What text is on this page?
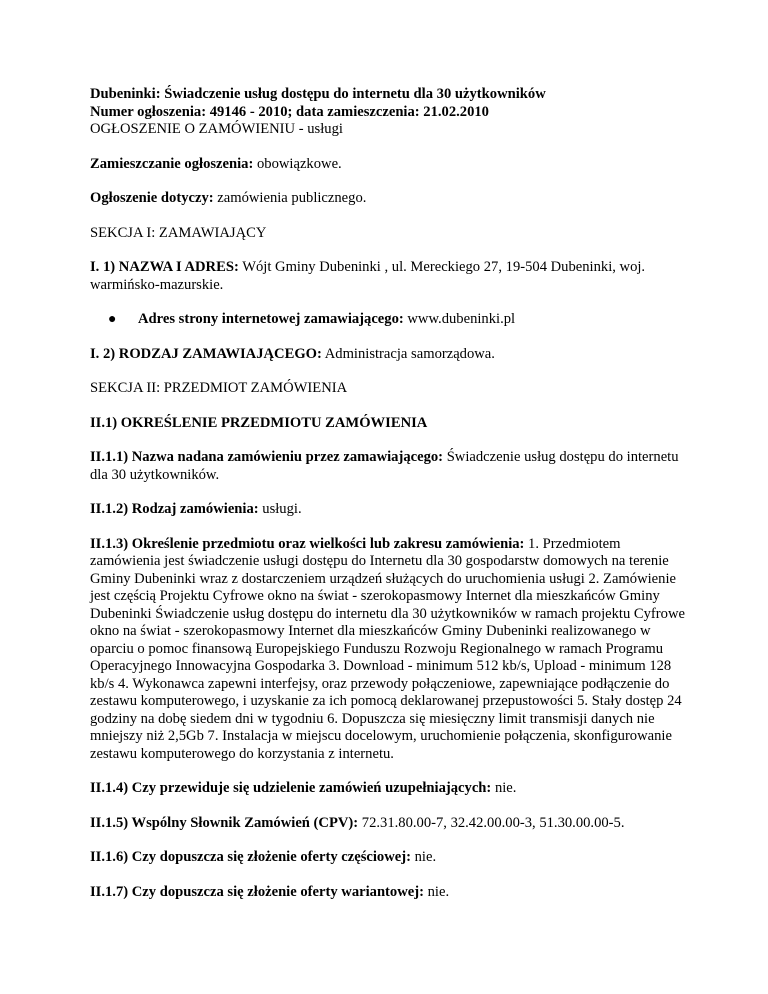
Dubeninki: Świadczenie usług dostępu do internetu dla 30 użytkowników
Numer ogłoszenia: 49146 - 2010; data zamieszczenia: 21.02.2010
OGŁOSZENIE O ZAMÓWIENIU - usługi

Zamieszczanie ogłoszenia: obowiązkowe.

Ogłoszenie dotyczy: zamówienia publicznego.

SEKCJA I: ZAMAWIAJĄCY

I. 1) NAZWA I ADRES: Wójt Gminy Dubeninki , ul. Mereckiego 27, 19-504 Dubeninki, woj. warmińsko-mazurskie.

● Adres strony internetowej zamawiającego: www.dubeninki.pl

I. 2) RODZAJ ZAMAWIAJĄCEGO: Administracja samorządowa.

SEKCJA II: PRZEDMIOT ZAMÓWIENIA

II.1) OKREŚLENIE PRZEDMIOTU ZAMÓWIENIA

II.1.1) Nazwa nadana zamówieniu przez zamawiającego: Świadczenie usług dostępu do internetu dla 30 użytkowników.

II.1.2) Rodzaj zamówienia: usługi.

II.1.3) Określenie przedmiotu oraz wielkości lub zakresu zamówienia: 1. Przedmiotem zamówienia jest świadczenie usługi dostępu do Internetu dla 30 gospodarstw domowych na terenie Gminy Dubeninki wraz z dostarczeniem urządzeń służących do uruchomienia usługi 2. Zamówienie jest częścią Projektu Cyfrowe okno na świat - szerokopasmowy Internet dla mieszkańców Gminy Dubeninki Świadczenie usług dostępu do internetu dla 30 użytkowników w ramach projektu Cyfrowe okno na świat - szerokopasmowy Internet dla mieszkańców Gminy Dubeninki realizowanego w oparciu o pomoc finansową Europejskiego Funduszu Rozwoju Regionalnego w ramach Programu Operacyjnego Innowacyjna Gospodarka 3. Download - minimum 512 kb/s, Upload - minimum 128 kb/s 4. Wykonawca zapewni interfejsy, oraz przewody połączeniowe, zapewniające podłączenie do zestawu komputerowego, i uzyskanie za ich pomocą deklarowanej przepustowości 5. Stały dostęp 24 godziny na dobę siedem dni w tygodniu 6. Dopuszcza się miesięczny limit transmisji danych nie mniejszy niż 2,5Gb 7. Instalacja w miejscu docelowym, uruchomienie połączenia, skonfigurowanie zestawu komputerowego do korzystania z internetu.

II.1.4) Czy przewiduje się udzielenie zamówień uzupełniających: nie.

II.1.5) Wspólny Słownik Zamówień (CPV): 72.31.80.00-7, 32.42.00.00-3, 51.30.00.00-5.

II.1.6) Czy dopuszcza się złożenie oferty częściowej: nie.

II.1.7) Czy dopuszcza się złożenie oferty wariantowej: nie.
